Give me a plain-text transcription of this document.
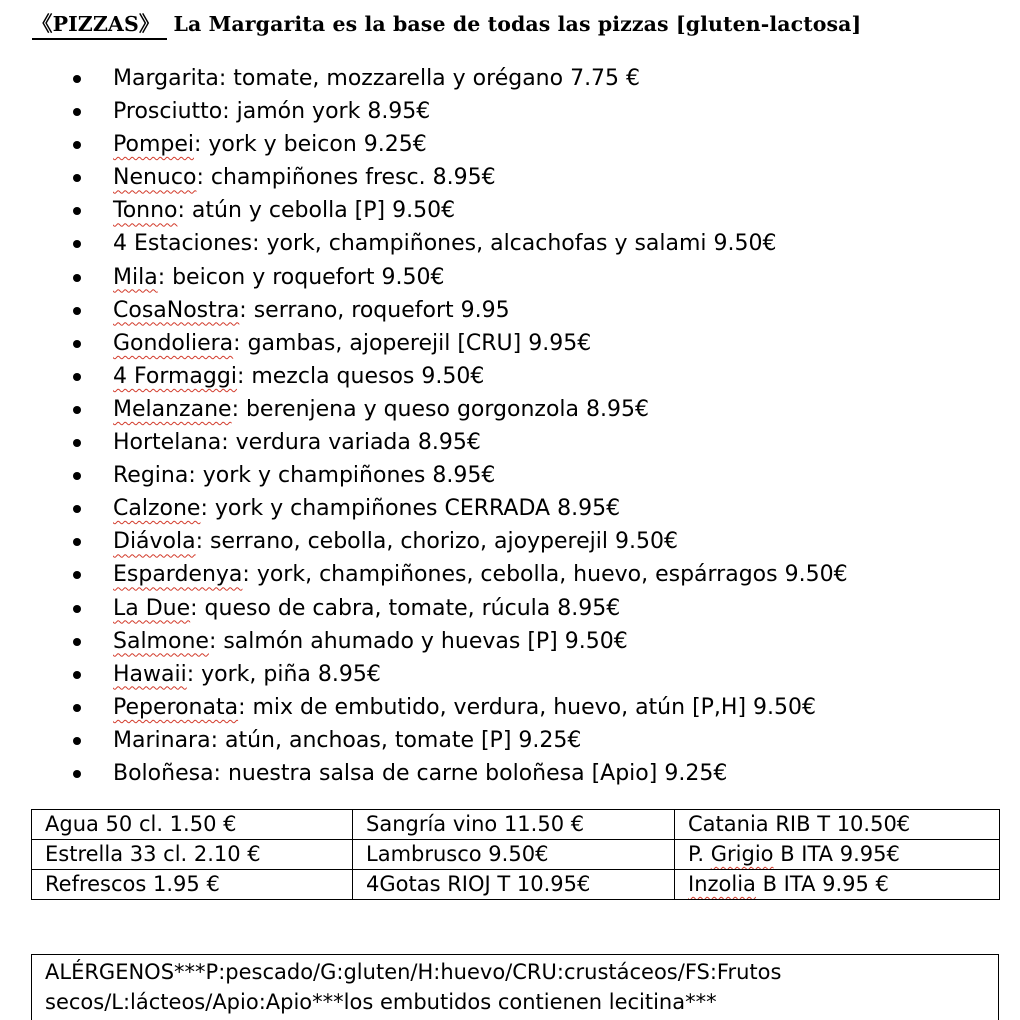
《PIZZAS》 La Margarita es la base de todas las pizzas [gluten-lactosa]
Margarita: tomate, mozzarella y orégano 7.75 €
Prosciutto: jamón york 8.95€
Pompei: york y beicon 9.25€
Nenuco: champiñones fresc. 8.95€
Tonno: atún y cebolla [P] 9.50€
4 Estaciones: york, champiñones, alcachofas y salami 9.50€
Mila: beicon y roquefort 9.50€
CosaNostra: serrano, roquefort 9.95
Gondoliera: gambas, ajoperejil [CRU] 9.95€
4 Formaggi: mezcla quesos 9.50€
Melanzane: berenjena y queso gorgonzola 8.95€
Hortelana: verdura variada 8.95€
Regina: york y champiñones 8.95€
Calzone: york y champiñones CERRADA 8.95€
Diávola: serrano, cebolla, chorizo, ajoyperejil 9.50€
Espardenya: york, champiñones, cebolla, huevo, espárragos 9.50€
La Due: queso de cabra, tomate, rúcula 8.95€
Salmone: salmón ahumado y huevas [P] 9.50€
Hawaii: york, piña 8.95€
Peperonata: mix de embutido, verdura, huevo, atún [P,H] 9.50€
Marinara: atún, anchoas, tomate [P] 9.25€
Boloñesa: nuestra salsa de carne boloñesa [Apio] 9.25€
Agua 50 cl. 1.50 €	Sangría vino 11.50 €	Catania RIB T 10.50€
Estrella 33 cl. 2.10 €	Lambrusco 9.50€	P. Grigio B ITA 9.95€
Refrescos 1.95 €	4Gotas RIOJ T 10.95€	Inzolia B ITA 9.95 €
ALÉRGENOS***P:pescado/G:gluten/H:huevo/CRU:crustáceos/FS:Frutos
secos/L:lácteos/Apio:Apio***los embutidos contienen lecitina***
